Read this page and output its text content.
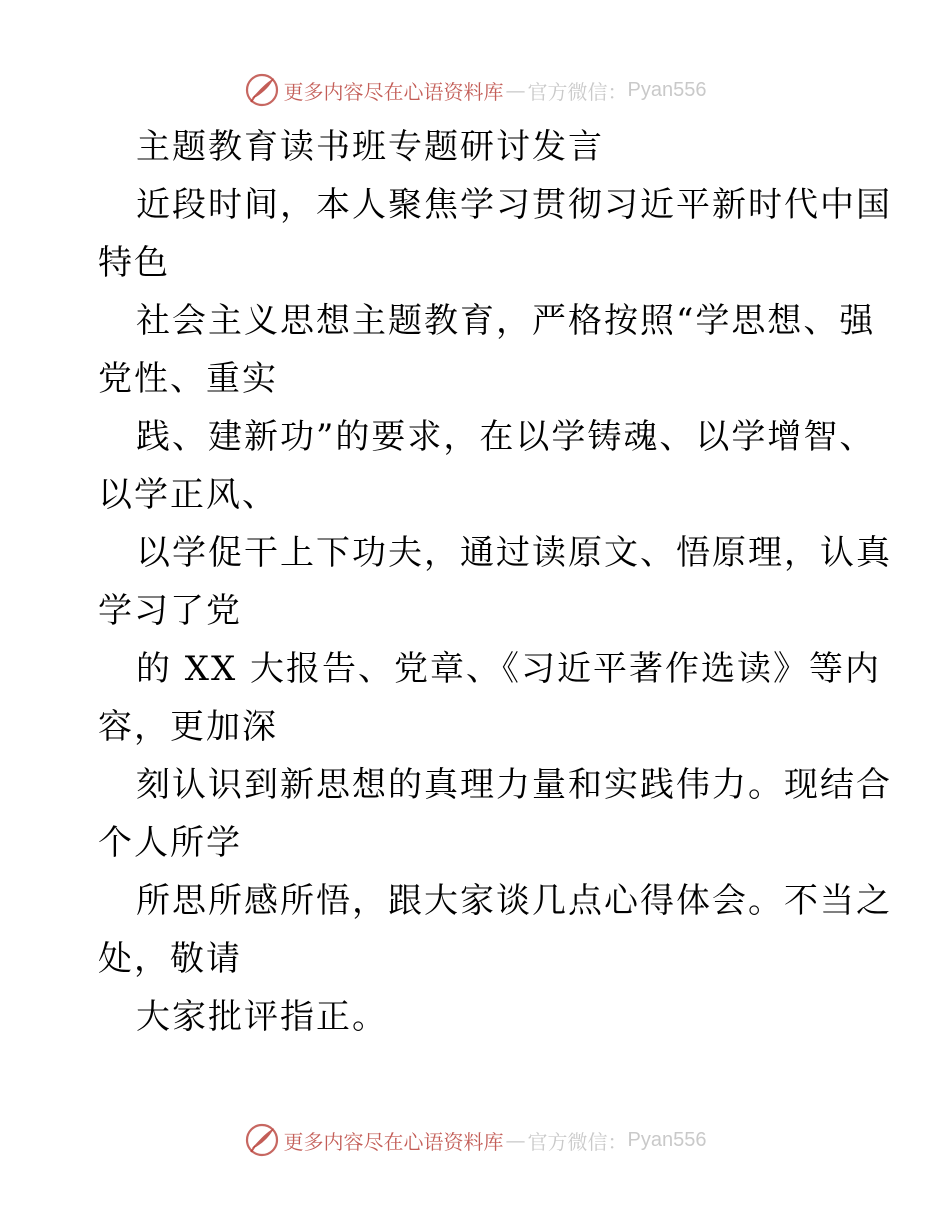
更多内容尽在心语资料库 — 官方微信： Pyan556
主题教育读书班专题研讨发言
近段时间，本人聚焦学习贯彻习近平新时代中国
特色
社会主义思想主题教育，严格按照“学思想、强
党性、重实
践、建新功”的要求，在以学铸魂、以学增智、
以学正风、
以学促干上下功夫，通过读原文、悟原理，认真
学习了党
的 XX 大报告、党章、《习近平著作选读》等内
容，更加深
刻认识到新思想的真理力量和实践伟力。现结合
个人所学
所思所感所悟，跟大家谈几点心得体会。不当之
处，敬请
大家批评指正。
更多内容尽在心语资料库 — 官方微信： Pyan556
